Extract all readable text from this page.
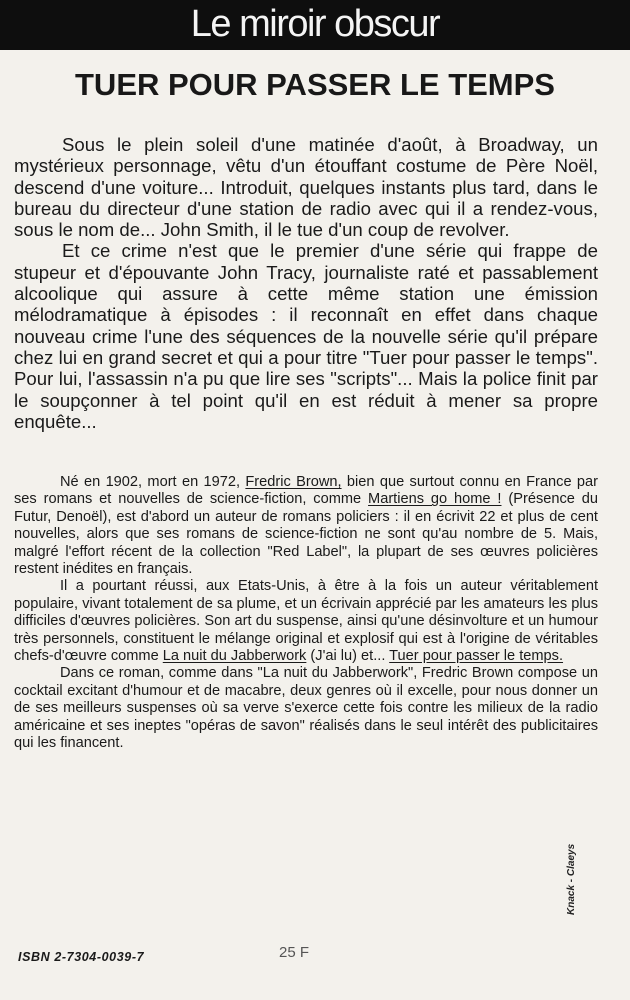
Le miroir obscur
TUER POUR PASSER LE TEMPS

Sous le plein soleil d'une matinée d'août, à Broadway, un mystérieux personnage, vêtu d'un étouffant costume de Père Noël, descend d'une voiture... Introduit, quelques instants plus tard, dans le bureau du directeur d'une station de radio avec qui il a rendez-vous, sous le nom de... John Smith, il le tue d'un coup de revolver.

Et ce crime n'est que le premier d'une série qui frappe de stupeur et d'épouvante John Tracy, journaliste raté et passablement alcoolique qui assure à cette même station une émission mélodramatique à épisodes : il reconnaît en effet dans chaque nouveau crime l'une des séquences de la nouvelle série qu'il prépare chez lui en grand secret et qui a pour titre "Tuer pour passer le temps". Pour lui, l'assassin n'a pu que lire ses "scripts"... Mais la police finit par le soupçonner à tel point qu'il en est réduit à mener sa propre enquête...

Né en 1902, mort en 1972, Fredric Brown, bien que surtout connu en France par ses romans et nouvelles de science-fiction, comme Martiens go home ! (Présence du Futur, Denoël), est d'abord un auteur de romans policiers : il en écrivit 22 et plus de cent nouvelles, alors que ses romans de science-fiction ne sont qu'au nombre de 5. Mais, malgré l'effort récent de la collection "Red Label", la plupart de ses œuvres policières restent inédites en français.

Il a pourtant réussi, aux Etats-Unis, à être à la fois un auteur véritablement populaire, vivant totalement de sa plume, et un écrivain apprécié par les amateurs les plus difficiles d'œuvres policières. Son art du suspense, ainsi qu'une désinvolture et un humour très personnels, constituent le mélange original et explosif qui est à l'origine de véritables chefs-d'œuvre comme La nuit du Jabberwork (J'ai lu) et... Tuer pour passer le temps.

Dans ce roman, comme dans "La nuit du Jabberwork", Fredric Brown compose un cocktail excitant d'humour et de macabre, deux genres où il excelle, pour nous donner un de ses meilleurs suspenses où sa verve s'exerce cette fois contre les milieux de la radio américaine et ses ineptes "opéras de savon" réalisés dans le seul intérêt des publicitaires qui les financent.

Knack - Claeys
ISBN 2-7304-0039-7	25 F
